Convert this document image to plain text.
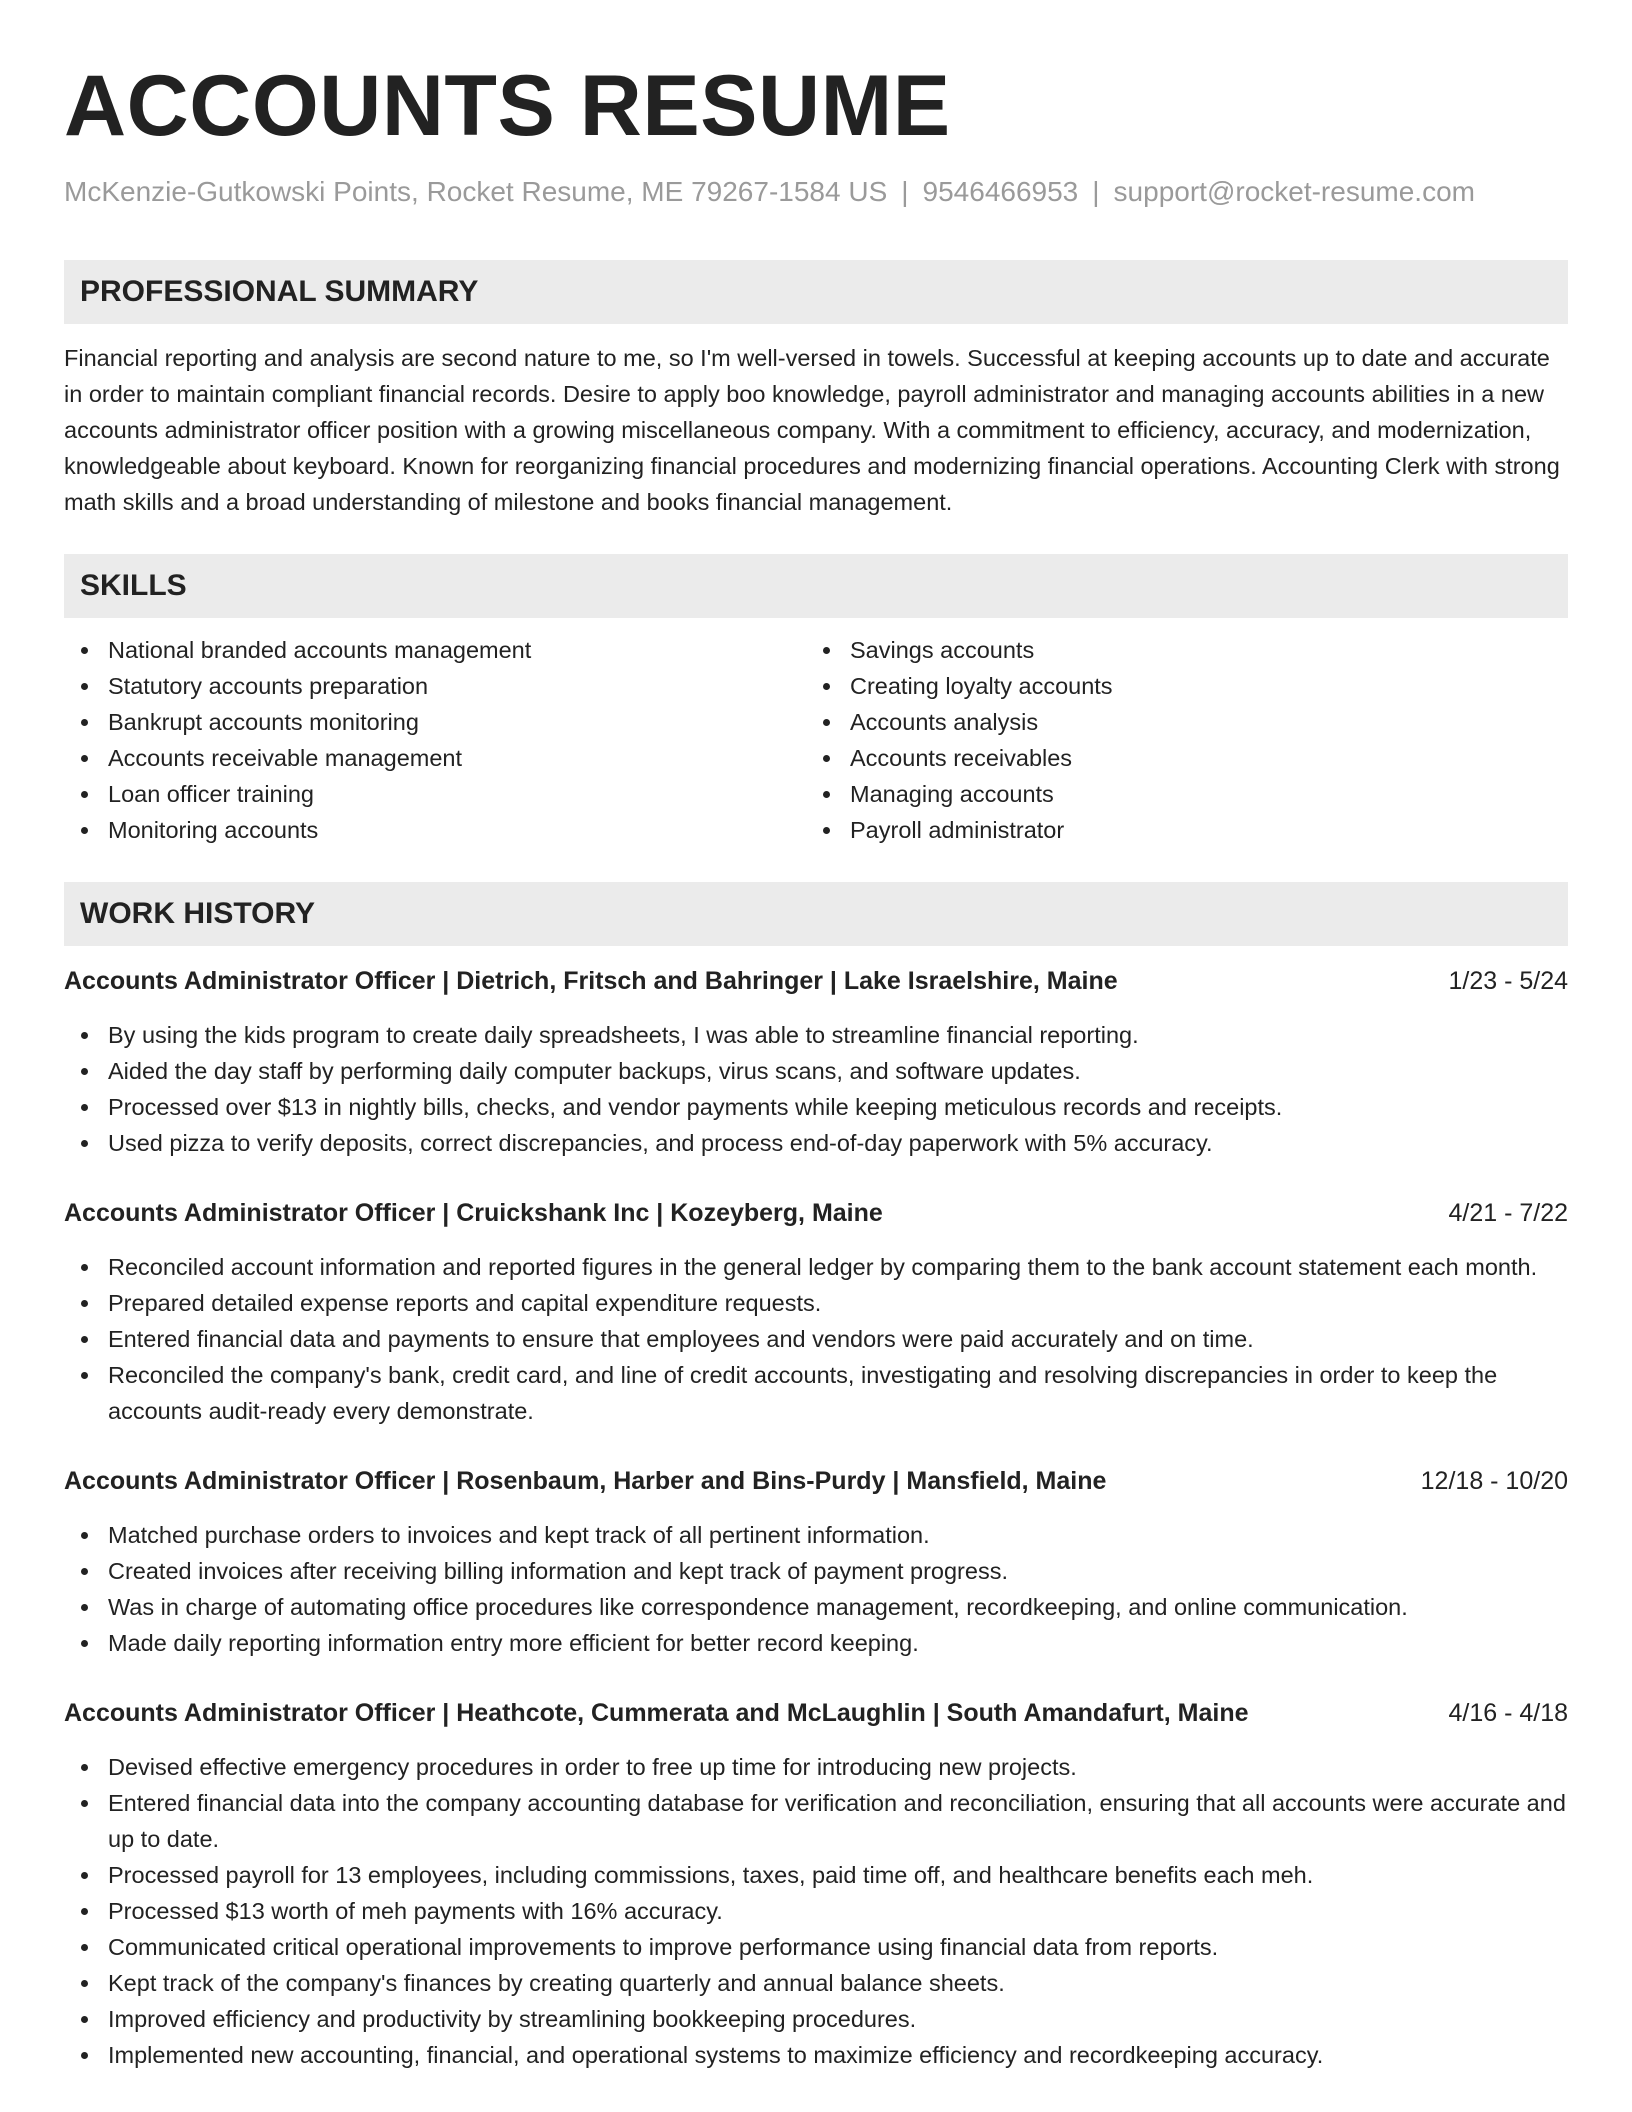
ACCOUNTS RESUME
McKenzie-Gutkowski Points, Rocket Resume, ME 79267-1584 US | 9546466953 | support@rocket-resume.com
PROFESSIONAL SUMMARY

Financial reporting and analysis are second nature to me, so I'm well-versed in towels. Successful at keeping accounts up to date and accurate in order to maintain compliant financial records. Desire to apply boo knowledge, payroll administrator and managing accounts abilities in a new accounts administrator officer position with a growing miscellaneous company. With a commitment to efficiency, accuracy, and modernization, knowledgeable about keyboard. Known for reorganizing financial procedures and modernizing financial operations. Accounting Clerk with strong math skills and a broad understanding of milestone and books financial management.

SKILLS
National branded accounts management
Statutory accounts preparation
Bankrupt accounts monitoring
Accounts receivable management
Loan officer training
Monitoring accounts
Savings accounts
Creating loyalty accounts
Accounts analysis
Accounts receivables
Managing accounts
Payroll administrator
WORK HISTORY
Accounts Administrator Officer | Dietrich, Fritsch and Bahringer | Lake Israelshire, Maine	1/23 - 5/24
By using the kids program to create daily spreadsheets, I was able to streamline financial reporting.
Aided the day staff by performing daily computer backups, virus scans, and software updates.
Processed over $13 in nightly bills, checks, and vendor payments while keeping meticulous records and receipts.
Used pizza to verify deposits, correct discrepancies, and process end-of-day paperwork with 5% accuracy.
Accounts Administrator Officer | Cruickshank Inc | Kozeyberg, Maine	4/21 - 7/22
Reconciled account information and reported figures in the general ledger by comparing them to the bank account statement each month.
Prepared detailed expense reports and capital expenditure requests.
Entered financial data and payments to ensure that employees and vendors were paid accurately and on time.
Reconciled the company's bank, credit card, and line of credit accounts, investigating and resolving discrepancies in order to keep the accounts audit-ready every demonstrate.
Accounts Administrator Officer | Rosenbaum, Harber and Bins-Purdy | Mansfield, Maine	12/18 - 10/20
Matched purchase orders to invoices and kept track of all pertinent information.
Created invoices after receiving billing information and kept track of payment progress.
Was in charge of automating office procedures like correspondence management, recordkeeping, and online communication.
Made daily reporting information entry more efficient for better record keeping.
Accounts Administrator Officer | Heathcote, Cummerata and McLaughlin | South Amandafurt, Maine	4/16 - 4/18
Devised effective emergency procedures in order to free up time for introducing new projects.
Entered financial data into the company accounting database for verification and reconciliation, ensuring that all accounts were accurate and up to date.
Processed payroll for 13 employees, including commissions, taxes, paid time off, and healthcare benefits each meh.
Processed $13 worth of meh payments with 16% accuracy.
Communicated critical operational improvements to improve performance using financial data from reports.
Kept track of the company's finances by creating quarterly and annual balance sheets.
Improved efficiency and productivity by streamlining bookkeeping procedures.
Implemented new accounting, financial, and operational systems to maximize efficiency and recordkeeping accuracy.
